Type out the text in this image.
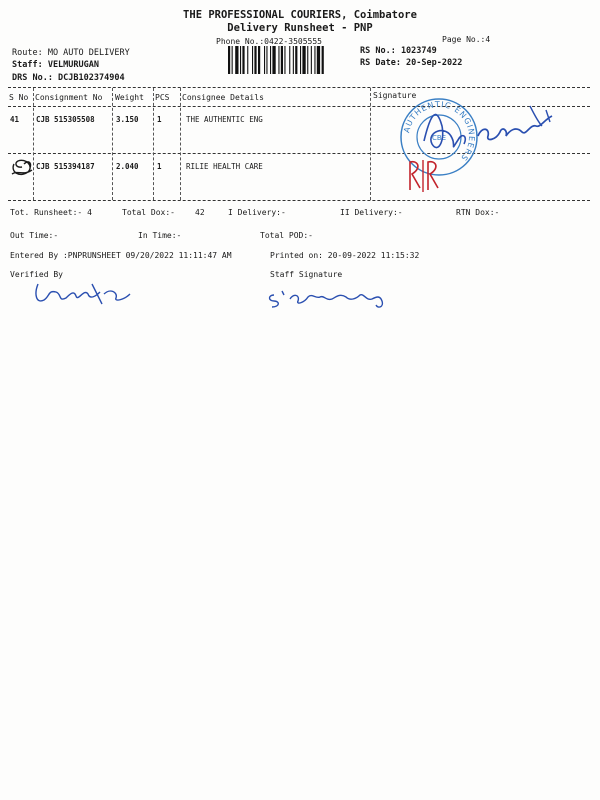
THE PROFESSIONAL COURIERS, Coimbatore
Delivery Runsheet - PNP
Phone No.:0422-3505555	Page No.:4
Route: MO AUTO DELIVERY
Staff: VELMURUGAN
DRS No.: DCJB102374904
RS No.: 1023749
RS Date: 20-Sep-2022
S No Consignment No Weight PCS Consignee Details	Signature
41 CJB 515305508	3.150 1	THE AUTHENTIC ENG
CJB 515394187	2.040 1	RILIE HEALTH CARE
AUTHENTIC ENGINEERS
CBE
Tot. Runsheet:- 4	Total Dox:-	42	I Delivery:-	II Delivery:-	RTN Dox:-
Out Time:-	In Time:-	Total POD:-
Entered By :PNPRUNSHEET 09/20/2022 11:11:47 AM	Printed on: 20-09-2022 11:15:32
Verified By	Staff Signature
